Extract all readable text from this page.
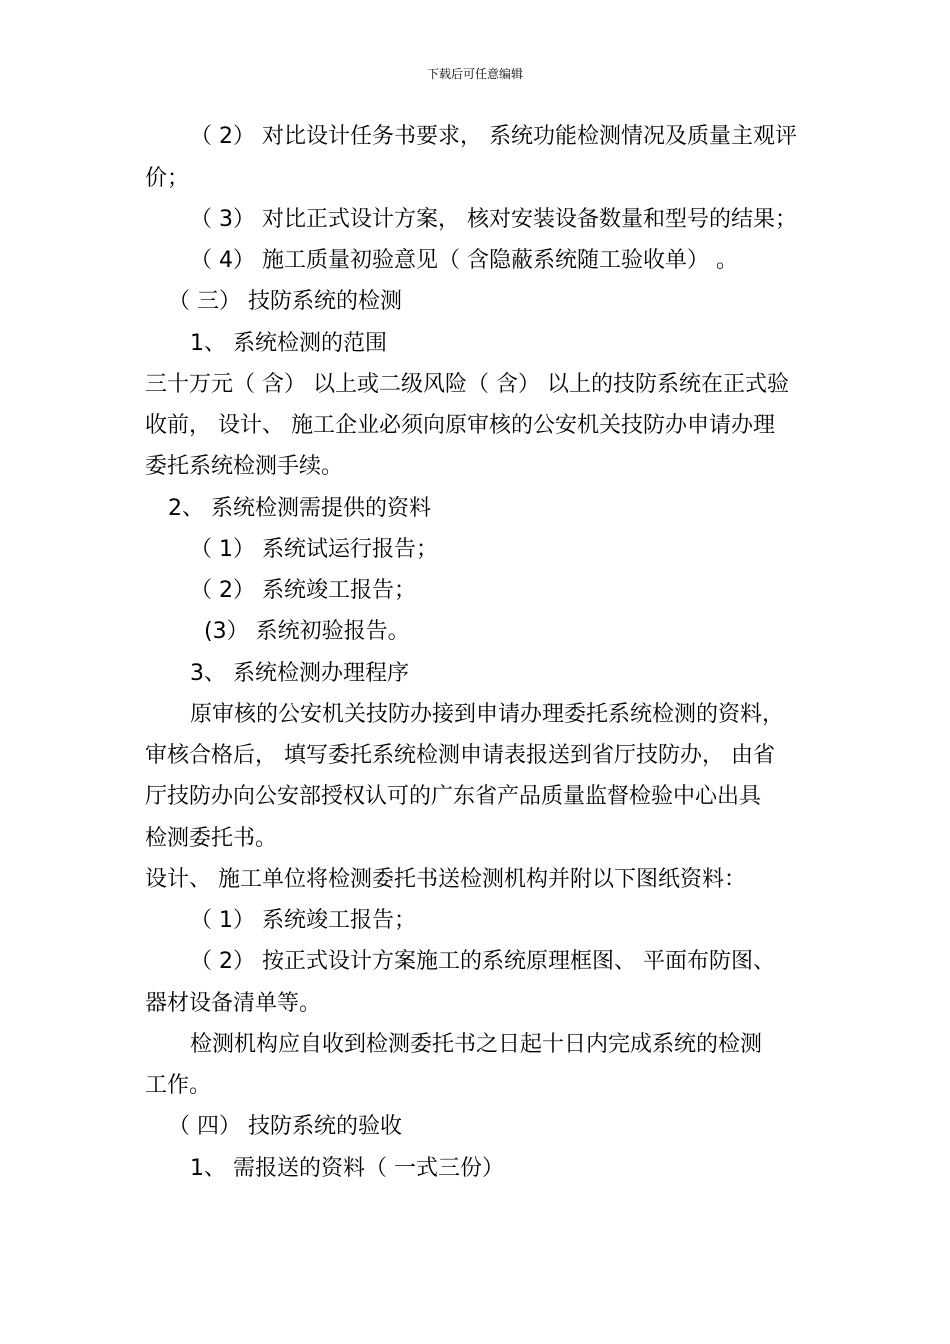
下载后可任意编辑
（ 2） 对比设计任务书要求， 系统功能检测情况及质量主观评
价；
（ 3） 对比正式设计方案， 核对安装设备数量和型号的结果；
（ 4） 施工质量初验意见（ 含隐蔽系统随工验收单） 。
（ 三） 技防系统的检测
1、 系统检测的范围
三十万元（ 含） 以上或二级风险（ 含） 以上的技防系统在正式验
收前， 设计、 施工企业必须向原审核的公安机关技防办申请办理
委托系统检测手续。
2、 系统检测需提供的资料
（ 1） 系统试运行报告；
（ 2） 系统竣工报告；
(3） 系统初验报告。
3、 系统检测办理程序
原审核的公安机关技防办接到申请办理委托系统检测的资料，
审核合格后， 填写委托系统检测申请表报送到省厅技防办， 由省
厅技防办向公安部授权认可的广东省产品质量监督检验中心出具
检测委托书。
设计、 施工单位将检测委托书送检测机构并附以下图纸资料：
（ 1） 系统竣工报告；
（ 2） 按正式设计方案施工的系统原理框图、 平面布防图、
器材设备清单等。
检测机构应自收到检测委托书之日起十日内完成系统的检测
工作。
（ 四） 技防系统的验收
1、 需报送的资料（ 一式三份）
